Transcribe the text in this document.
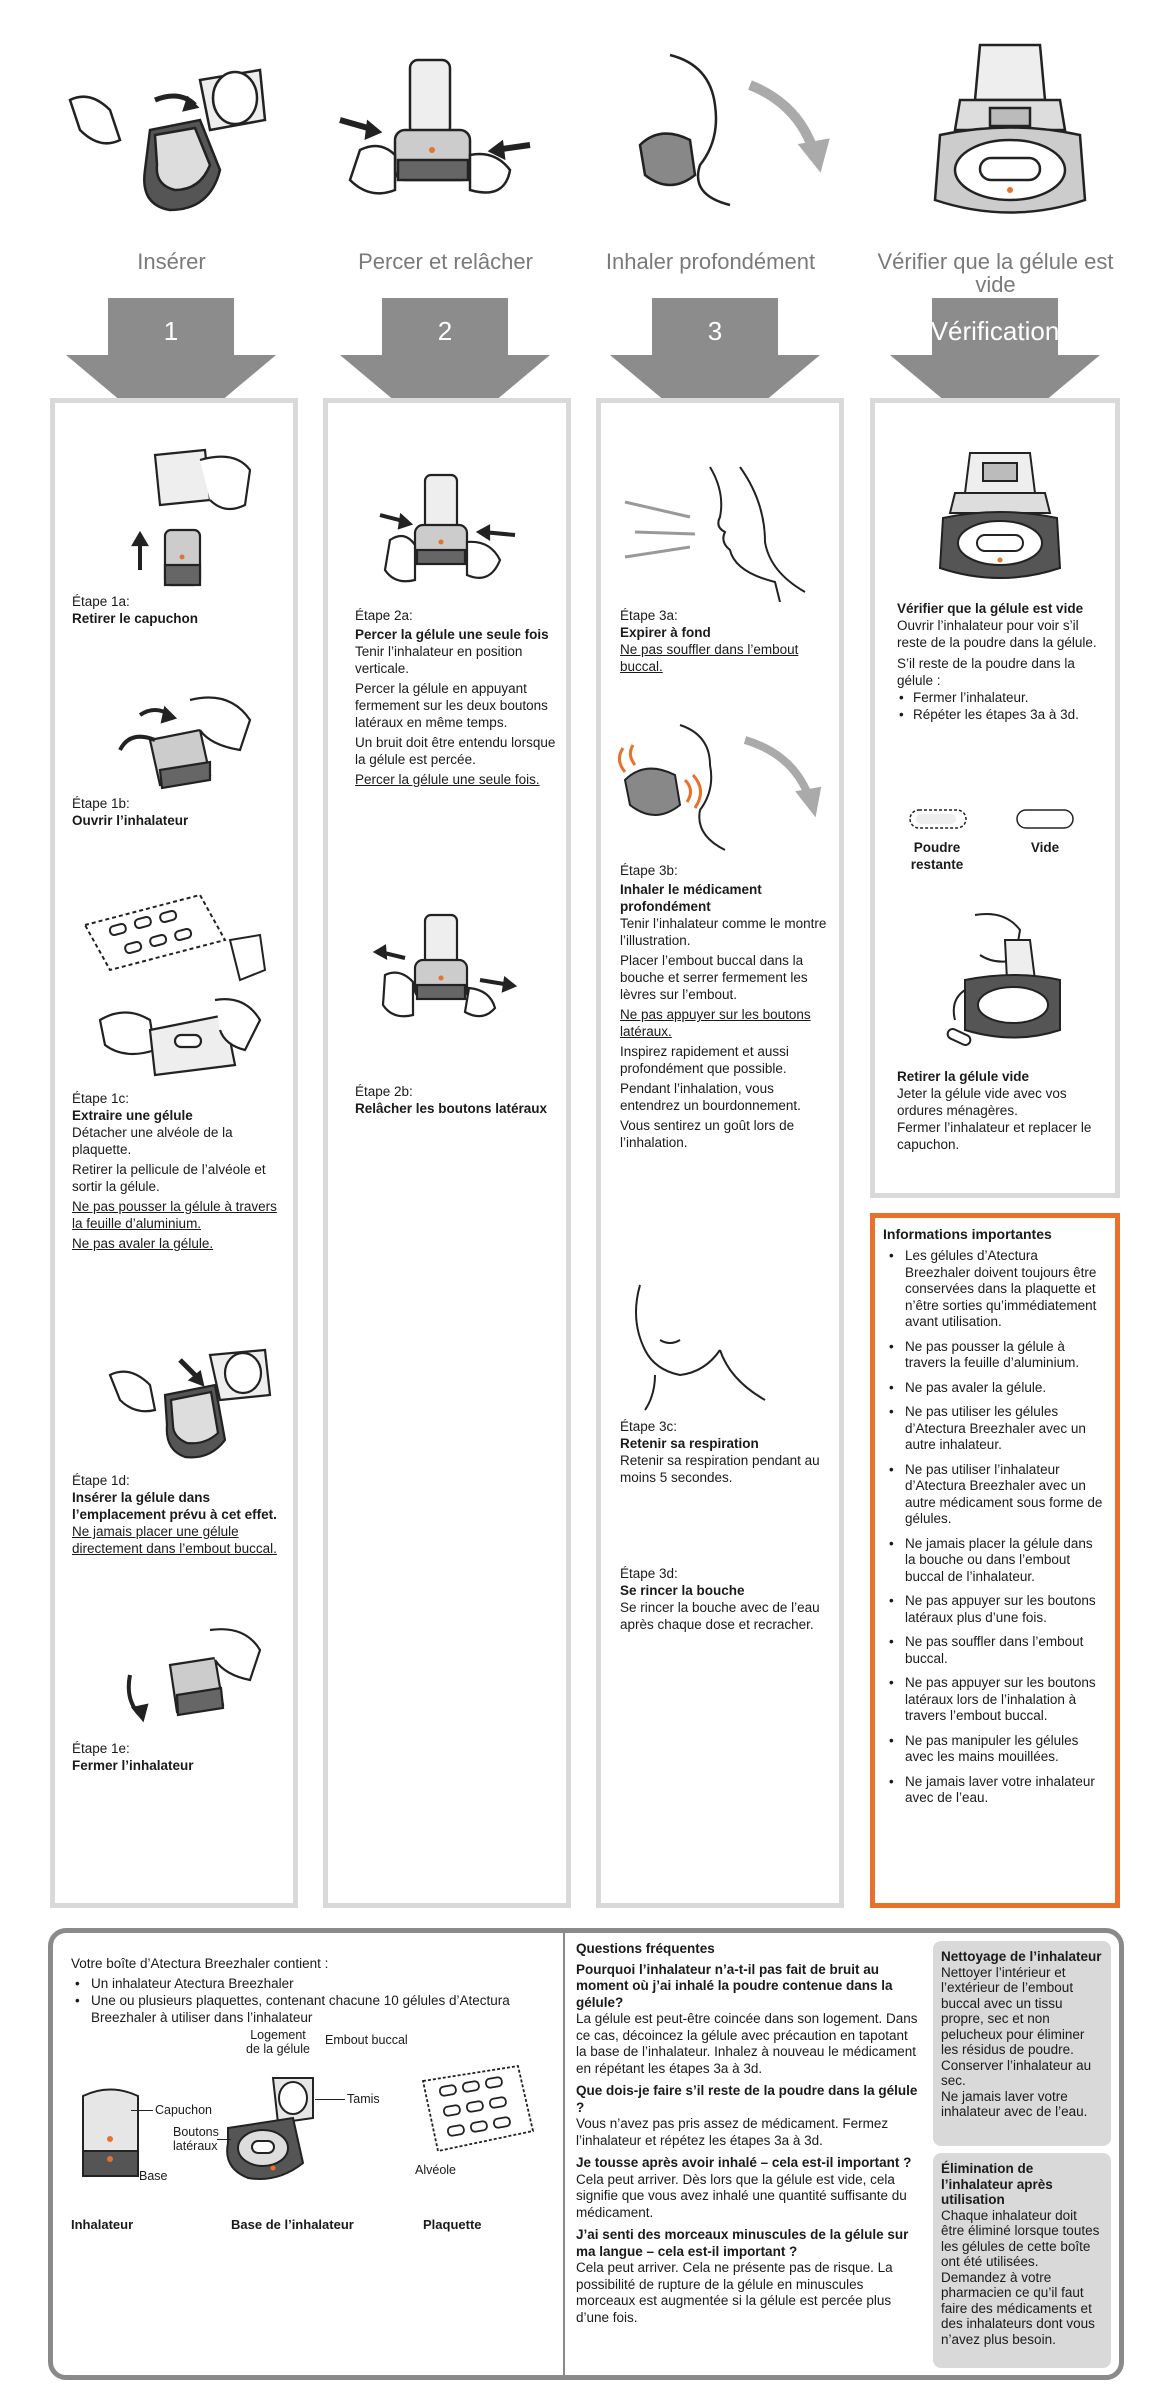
Insérer	Percer et relâcher	Inhaler profondément	Vérifier que la gélule est vide
1	2	3	Vérification
Étape 1a:
Retirer le capuchon
Étape 1b:
Ouvrir l’inhalateur
Étape 1c:
Extraire une gélule
Détacher une alvéole de la plaquette.
Retirer la pellicule de l’alvéole et sortir la gélule.
Ne pas pousser la gélule à travers la feuille d’aluminium.
Ne pas avaler la gélule.
Étape 1d:
Insérer la gélule dans l’emplacement prévu à cet effet.
Ne jamais placer une gélule directement dans l’embout buccal.
Étape 1e:
Fermer l’inhalateur
Étape 2a:
Percer la gélule une seule fois
Tenir l’inhalateur en position verticale.
Percer la gélule en appuyant fermement sur les deux boutons latéraux en même temps.
Un bruit doit être entendu lorsque la gélule est percée.
Percer la gélule une seule fois.
Étape 2b:
Relâcher les boutons latéraux
Étape 3a:
Expirer à fond
Ne pas souffler dans l’embout buccal.
Étape 3b:
Inhaler le médicament profondément
Tenir l’inhalateur comme le montre l’illustration.
Placer l’embout buccal dans la bouche et serrer fermement les lèvres sur l’embout.
Ne pas appuyer sur les boutons latéraux.
Inspirez rapidement et aussi profondément que possible.
Pendant l’inhalation, vous entendrez un bourdonnement.
Vous sentirez un goût lors de l’inhalation.
Étape 3c:
Retenir sa respiration
Retenir sa respiration pendant au moins 5 secondes.
Étape 3d:
Se rincer la bouche
Se rincer la bouche avec de l’eau après chaque dose et recracher.
Vérifier que la gélule est vide
Ouvrir l’inhalateur pour voir s’il reste de la poudre dans la gélule.
S’il reste de la poudre dans la gélule :
• Fermer l’inhalateur.
• Répéter les étapes 3a à 3d.
Poudre restante
Vide
Retirer la gélule vide
Jeter la gélule vide avec vos ordures ménagères.
Fermer l’inhalateur et replacer le capuchon.
Informations importantes
• Les gélules d’Atectura Breezhaler doivent toujours être conservées dans la plaquette et n’être sorties qu’immédiatement avant utilisation.
• Ne pas pousser la gélule à travers la feuille d’aluminium.
• Ne pas avaler la gélule.
• Ne pas utiliser les gélules d’Atectura Breezhaler avec un autre inhalateur.
• Ne pas utiliser l’inhalateur d’Atectura Breezhaler avec un autre médicament sous forme de gélules.
• Ne jamais placer la gélule dans la bouche ou dans l’embout buccal de l’inhalateur.
• Ne pas appuyer sur les boutons latéraux plus d’une fois.
• Ne pas souffler dans l’embout buccal.
• Ne pas appuyer sur les boutons latéraux lors de l’inhalation à travers l’embout buccal.
• Ne pas manipuler les gélules avec les mains mouillées.
• Ne jamais laver votre inhalateur avec de l’eau.
Votre boîte d’Atectura Breezhaler contient :
• Un inhalateur Atectura Breezhaler
• Une ou plusieurs plaquettes, contenant chacune 10 gélules d’Atectura Breezhaler à utiliser dans l’inhalateur
Capuchon
Base
Logement de la gélule
Embout buccal
Tamis
Boutons latéraux
Alvéole
Inhalateur	Base de l’inhalateur	Plaquette
Questions fréquentes
Pourquoi l’inhalateur n’a-t-il pas fait de bruit au moment où j’ai inhalé la poudre contenue dans la gélule?
La gélule est peut-être coincée dans son logement. Dans ce cas, décoincez la gélule avec précaution en tapotant la base de l’inhalateur. Inhalez à nouveau le médicament en répétant les étapes 3a à 3d.
Que dois-je faire s’il reste de la poudre dans la gélule ?
Vous n’avez pas pris assez de médicament. Fermez l’inhalateur et répétez les étapes 3a à 3d.
Je tousse après avoir inhalé – cela est-il important ?
Cela peut arriver. Dès lors que la gélule est vide, cela signifie que vous avez inhalé une quantité suffisante du médicament.
J’ai senti des morceaux minuscules de la gélule sur ma langue – cela est-il important ?
Cela peut arriver. Cela ne présente pas de risque. La possibilité de rupture de la gélule en minuscules morceaux est augmentée si la gélule est percée plus d’une fois.
Nettoyage de l’inhalateur
Nettoyer l’intérieur et l’extérieur de l’embout buccal avec un tissu propre, sec et non pelucheux pour éliminer les résidus de poudre. Conserver l’inhalateur au sec.
Ne jamais laver votre inhalateur avec de l’eau.
Élimination de l’inhalateur après utilisation
Chaque inhalateur doit être éliminé lorsque toutes les gélules de cette boîte ont été utilisées. Demandez à votre pharmacien ce qu’il faut faire des médicaments et des inhalateurs dont vous n’avez plus besoin.
